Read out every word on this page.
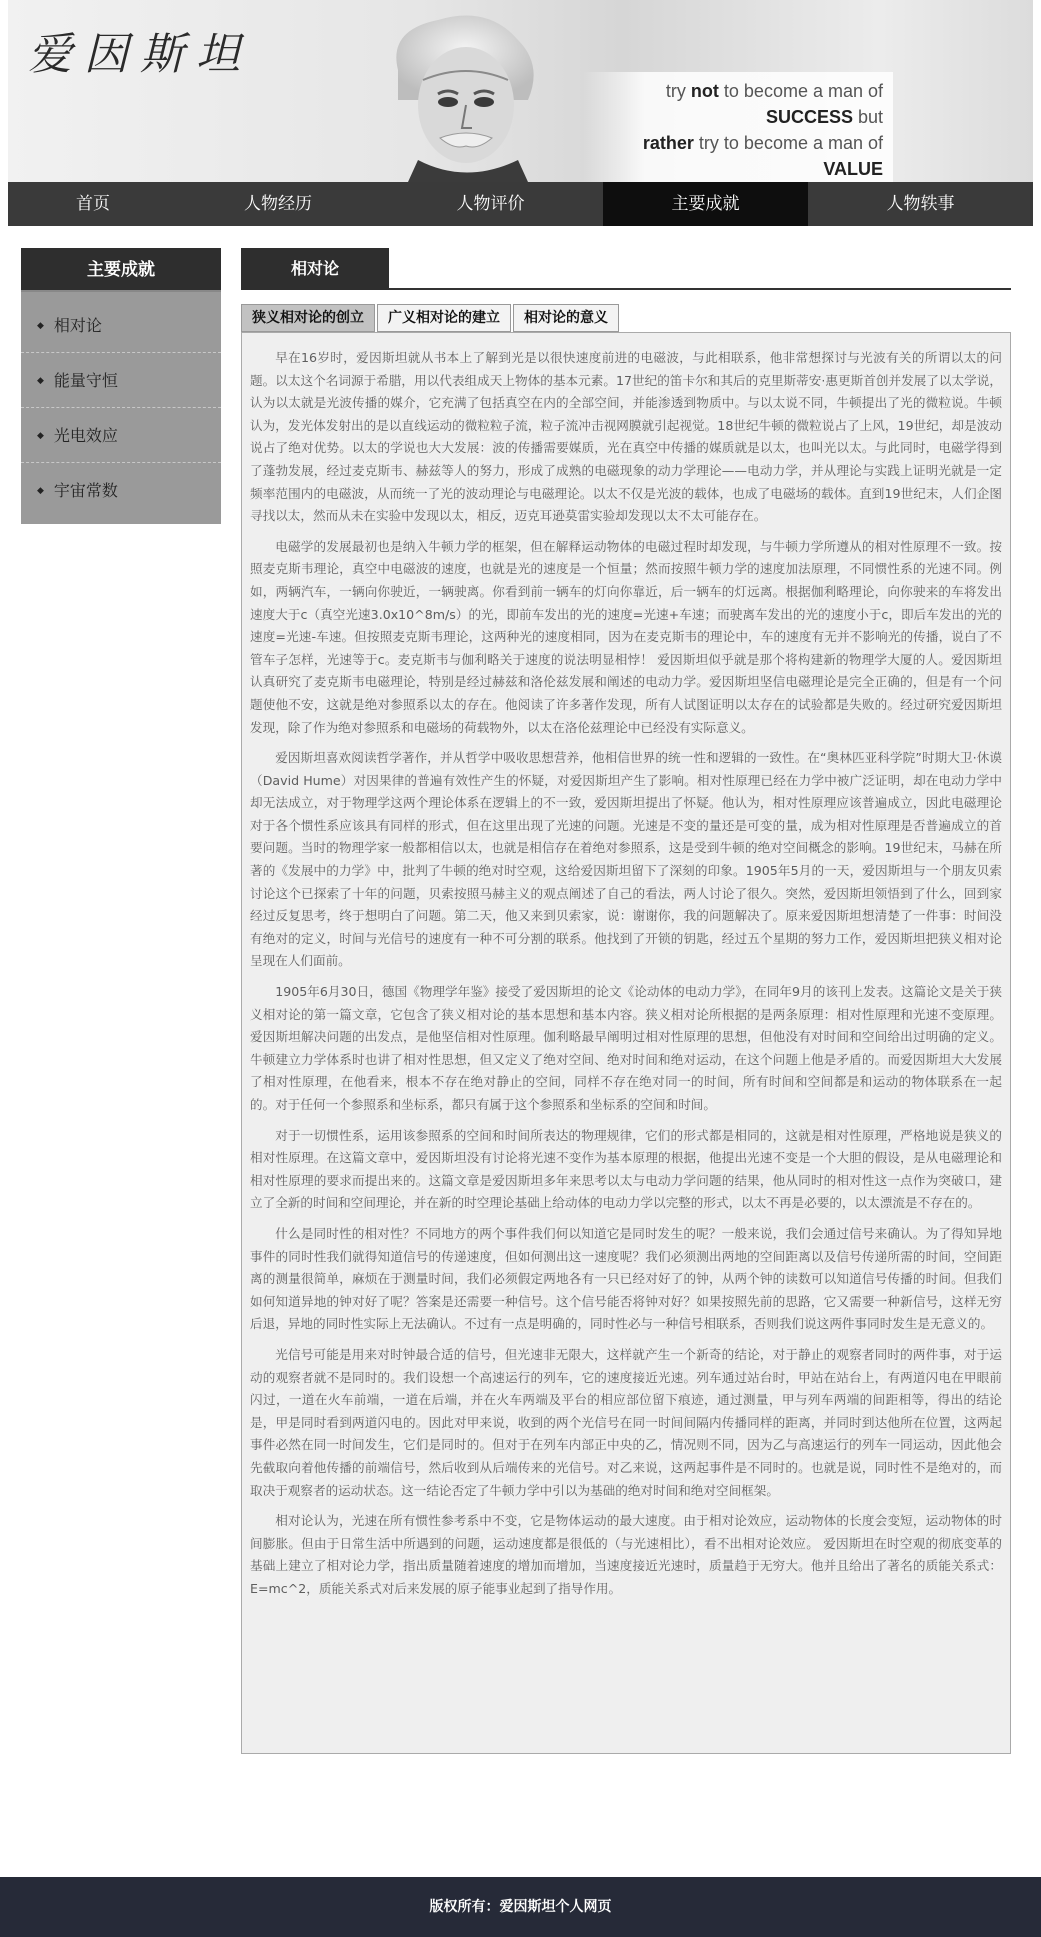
爱因斯坦
try not to become a man of SUCCESS but
rather try to become a man of VALUE
首页	人物经历	人物评价	主要成就	人物轶事
主要成就
◆ 相对论
◆ 能量守恒
◆ 光电效应
◆ 宇宙常数
相对论
狭义相对论的创立	广义相对论的建立	相对论的意义

早在16岁时，爱因斯坦就从书本上了解到光是以很快速度前进的电磁波，与此相联系，他非常想探讨与光波有关的所谓以太的问题。以太这个名词源于希腊，用以代表组成天上物体的基本元素。17世纪的笛卡尔和其后的克里斯蒂安·惠更斯首创并发展了以太学说，认为以太就是光波传播的媒介，它充满了包括真空在内的全部空间，并能渗透到物质中。与以太说不同，牛顿提出了光的微粒说。牛顿认为，发光体发射出的是以直线运动的微粒粒子流，粒子流冲击视网膜就引起视觉。18世纪牛顿的微粒说占了上风，19世纪，却是波动说占了绝对优势。以太的学说也大大发展：波的传播需要媒质，光在真空中传播的媒质就是以太，也叫光以太。与此同时，电磁学得到了蓬勃发展，经过麦克斯韦、赫兹等人的努力，形成了成熟的电磁现象的动力学理论——电动力学，并从理论与实践上证明光就是一定频率范围内的电磁波，从而统一了光的波动理论与电磁理论。以太不仅是光波的载体，也成了电磁场的载体。直到19世纪末，人们企图寻找以太，然而从未在实验中发现以太，相反，迈克耳逊莫雷实验却发现以太不太可能存在。

电磁学的发展最初也是纳入牛顿力学的框架，但在解释运动物体的电磁过程时却发现，与牛顿力学所遵从的相对性原理不一致。按照麦克斯韦理论，真空中电磁波的速度，也就是光的速度是一个恒量；然而按照牛顿力学的速度加法原理，不同惯性系的光速不同。例如，两辆汽车，一辆向你驶近，一辆驶离。你看到前一辆车的灯向你靠近，后一辆车的灯远离。根据伽利略理论，向你驶来的车将发出速度大于c（真空光速3.0x10^8m/s）的光，即前车发出的光的速度=光速+车速；而驶离车发出的光的速度小于c，即后车发出的光的速度=光速-车速。但按照麦克斯韦理论，这两种光的速度相同，因为在麦克斯韦的理论中，车的速度有无并不影响光的传播，说白了不管车子怎样，光速等于c。麦克斯韦与伽利略关于速度的说法明显相悖！ 爱因斯坦似乎就是那个将构建新的物理学大厦的人。爱因斯坦认真研究了麦克斯韦电磁理论，特别是经过赫兹和洛伦兹发展和阐述的电动力学。爱因斯坦坚信电磁理论是完全正确的，但是有一个问题使他不安，这就是绝对参照系以太的存在。他阅读了许多著作发现，所有人试图证明以太存在的试验都是失败的。经过研究爱因斯坦发现，除了作为绝对参照系和电磁场的荷载物外，以太在洛伦兹理论中已经没有实际意义。

爱因斯坦喜欢阅读哲学著作，并从哲学中吸收思想营养，他相信世界的统一性和逻辑的一致性。在“奥林匹亚科学院”时期大卫·休谟（David Hume）对因果律的普遍有效性产生的怀疑，对爱因斯坦产生了影响。相对性原理已经在力学中被广泛证明，却在电动力学中却无法成立，对于物理学这两个理论体系在逻辑上的不一致，爱因斯坦提出了怀疑。他认为，相对性原理应该普遍成立，因此电磁理论对于各个惯性系应该具有同样的形式，但在这里出现了光速的问题。光速是不变的量还是可变的量，成为相对性原理是否普遍成立的首要问题。当时的物理学家一般都相信以太，也就是相信存在着绝对参照系，这是受到牛顿的绝对空间概念的影响。19世纪末，马赫在所著的《发展中的力学》中，批判了牛顿的绝对时空观，这给爱因斯坦留下了深刻的印象。1905年5月的一天，爱因斯坦与一个朋友贝索讨论这个已探索了十年的问题，贝索按照马赫主义的观点阐述了自己的看法，两人讨论了很久。突然，爱因斯坦领悟到了什么，回到家经过反复思考，终于想明白了问题。第二天，他又来到贝索家，说：谢谢你，我的问题解决了。原来爱因斯坦想清楚了一件事：时间没有绝对的定义，时间与光信号的速度有一种不可分割的联系。他找到了开锁的钥匙，经过五个星期的努力工作，爱因斯坦把狭义相对论呈现在人们面前。

1905年6月30日，德国《物理学年鉴》接受了爱因斯坦的论文《论动体的电动力学》，在同年9月的该刊上发表。这篇论文是关于狭义相对论的第一篇文章，它包含了狭义相对论的基本思想和基本内容。狭义相对论所根据的是两条原理：相对性原理和光速不变原理。爱因斯坦解决问题的出发点，是他坚信相对性原理。伽利略最早阐明过相对性原理的思想，但他没有对时间和空间给出过明确的定义。牛顿建立力学体系时也讲了相对性思想，但又定义了绝对空间、绝对时间和绝对运动，在这个问题上他是矛盾的。而爱因斯坦大大发展了相对性原理，在他看来，根本不存在绝对静止的空间，同样不存在绝对同一的时间，所有时间和空间都是和运动的物体联系在一起的。对于任何一个参照系和坐标系，都只有属于这个参照系和坐标系的空间和时间。

对于一切惯性系，运用该参照系的空间和时间所表达的物理规律，它们的形式都是相同的，这就是相对性原理，严格地说是狭义的相对性原理。在这篇文章中，爱因斯坦没有讨论将光速不变作为基本原理的根据，他提出光速不变是一个大胆的假设，是从电磁理论和相对性原理的要求而提出来的。这篇文章是爱因斯坦多年来思考以太与电动力学问题的结果，他从同时的相对性这一点作为突破口，建立了全新的时间和空间理论，并在新的时空理论基础上给动体的电动力学以完整的形式，以太不再是必要的，以太漂流是不存在的。

什么是同时性的相对性？不同地方的两个事件我们何以知道它是同时发生的呢？一般来说，我们会通过信号来确认。为了得知异地事件的同时性我们就得知道信号的传递速度，但如何测出这一速度呢？我们必须测出两地的空间距离以及信号传递所需的时间，空间距离的测量很简单，麻烦在于测量时间，我们必须假定两地各有一只已经对好了的钟，从两个钟的读数可以知道信号传播的时间。但我们如何知道异地的钟对好了呢？答案是还需要一种信号。这个信号能否将钟对好？如果按照先前的思路，它又需要一种新信号，这样无穷后退，异地的同时性实际上无法确认。不过有一点是明确的，同时性必与一种信号相联系，否则我们说这两件事同时发生是无意义的。

光信号可能是用来对时钟最合适的信号，但光速非无限大，这样就产生一个新奇的结论，对于静止的观察者同时的两件事，对于运动的观察者就不是同时的。我们设想一个高速运行的列车，它的速度接近光速。列车通过站台时，甲站在站台上，有两道闪电在甲眼前闪过，一道在火车前端，一道在后端，并在火车两端及平台的相应部位留下痕迹，通过测量，甲与列车两端的间距相等，得出的结论是，甲是同时看到两道闪电的。因此对甲来说，收到的两个光信号在同一时间间隔内传播同样的距离，并同时到达他所在位置，这两起事件必然在同一时间发生，它们是同时的。但对于在列车内部正中央的乙，情况则不同，因为乙与高速运行的列车一同运动，因此他会先截取向着他传播的前端信号，然后收到从后端传来的光信号。对乙来说，这两起事件是不同时的。也就是说，同时性不是绝对的，而取决于观察者的运动状态。这一结论否定了牛顿力学中引以为基础的绝对时间和绝对空间框架。

相对论认为，光速在所有惯性参考系中不变，它是物体运动的最大速度。由于相对论效应，运动物体的长度会变短，运动物体的时间膨胀。但由于日常生活中所遇到的问题，运动速度都是很低的（与光速相比），看不出相对论效应。 爱因斯坦在时空观的彻底变革的基础上建立了相对论力学，指出质量随着速度的增加而增加，当速度接近光速时，质量趋于无穷大。他并且给出了著名的质能关系式：E=mc^2，质能关系式对后来发展的原子能事业起到了指导作用。

版权所有：爱因斯坦个人网页
